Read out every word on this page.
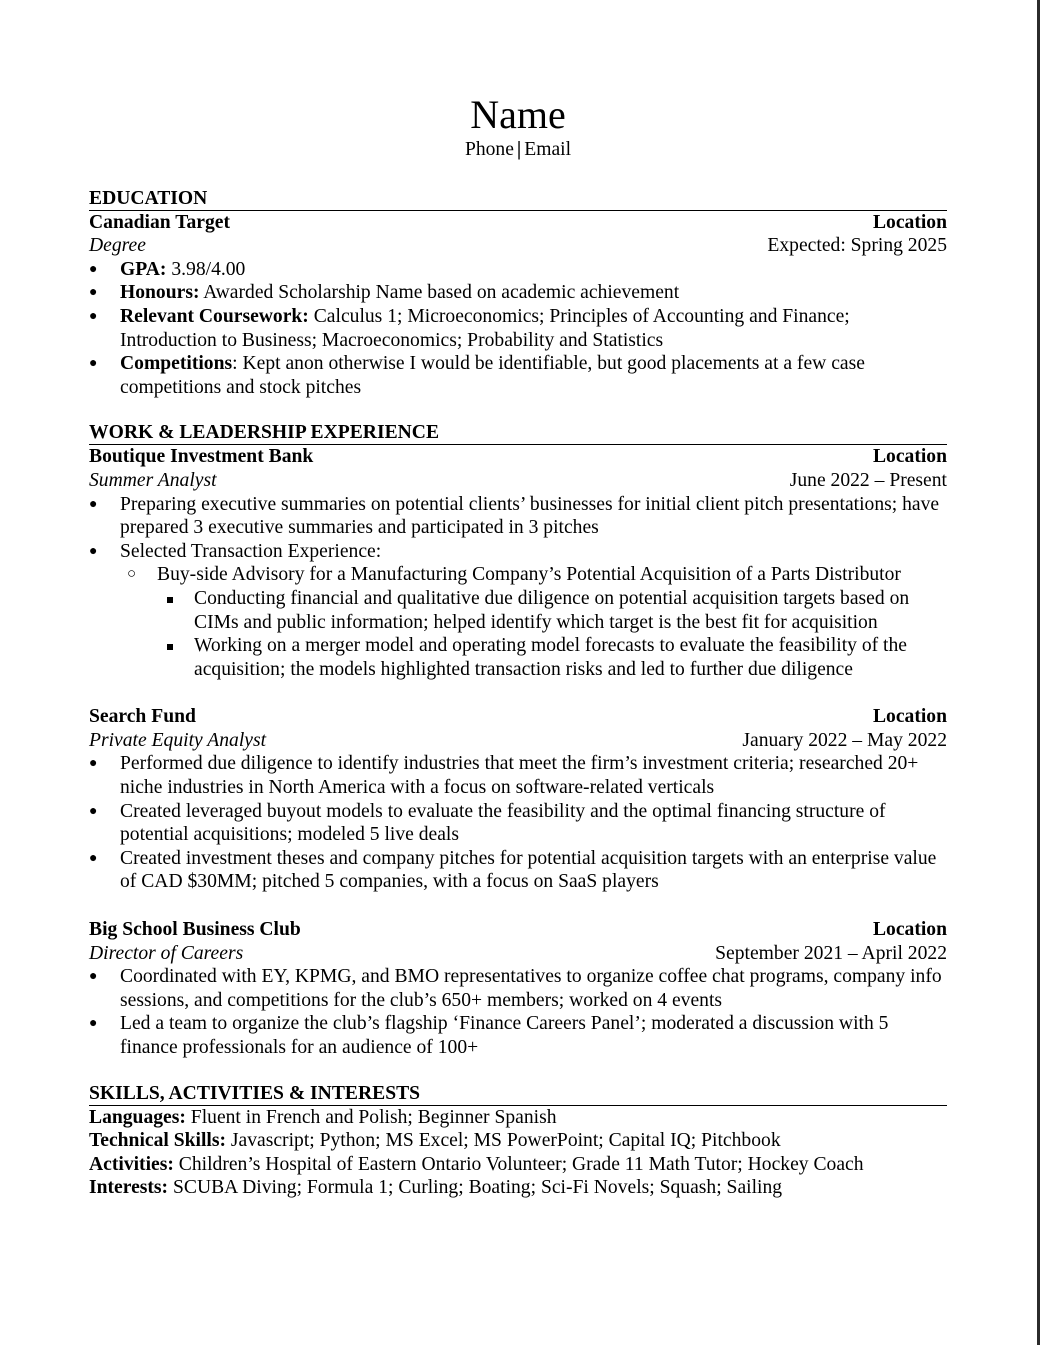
Name
Phone | Email
EDUCATION
Canadian Target	Location
Degree	Expected: Spring 2025
● GPA: 3.98/4.00
● Honours: Awarded Scholarship Name based on academic achievement
● Relevant Coursework: Calculus 1; Microeconomics; Principles of Accounting and Finance; Introduction to Business; Macroeconomics; Probability and Statistics
● Competitions: Kept anon otherwise I would be identifiable, but good placements at a few case competitions and stock pitches
WORK & LEADERSHIP EXPERIENCE
Boutique Investment Bank	Location
Summer Analyst	June 2022 – Present
● Preparing executive summaries on potential clients’ businesses for initial client pitch presentations; have prepared 3 executive summaries and participated in 3 pitches
● Selected Transaction Experience:
○ Buy-side Advisory for a Manufacturing Company’s Potential Acquisition of a Parts Distributor
Conducting financial and qualitative due diligence on potential acquisition targets based on CIMs and public information; helped identify which target is the best fit for acquisition
Working on a merger model and operating model forecasts to evaluate the feasibility of the acquisition; the models highlighted transaction risks and led to further due diligence
Search Fund	Location
Private Equity Analyst	January 2022 – May 2022
● Performed due diligence to identify industries that meet the firm’s investment criteria; researched 20+ niche industries in North America with a focus on software-related verticals
● Created leveraged buyout models to evaluate the feasibility and the optimal financing structure of potential acquisitions; modeled 5 live deals
● Created investment theses and company pitches for potential acquisition targets with an enterprise value of CAD $30MM; pitched 5 companies, with a focus on SaaS players
Big School Business Club	Location
Director of Careers	September 2021 – April 2022
● Coordinated with EY, KPMG, and BMO representatives to organize coffee chat programs, company info sessions, and competitions for the club’s 650+ members; worked on 4 events
● Led a team to organize the club’s flagship ‘Finance Careers Panel’; moderated a discussion with 5 finance professionals for an audience of 100+
SKILLS, ACTIVITIES & INTERESTS
Languages: Fluent in French and Polish; Beginner Spanish
Technical Skills: Javascript; Python; MS Excel; MS PowerPoint; Capital IQ; Pitchbook
Activities: Children’s Hospital of Eastern Ontario Volunteer; Grade 11 Math Tutor; Hockey Coach
Interests: SCUBA Diving; Formula 1; Curling; Boating; Sci-Fi Novels; Squash; Sailing
